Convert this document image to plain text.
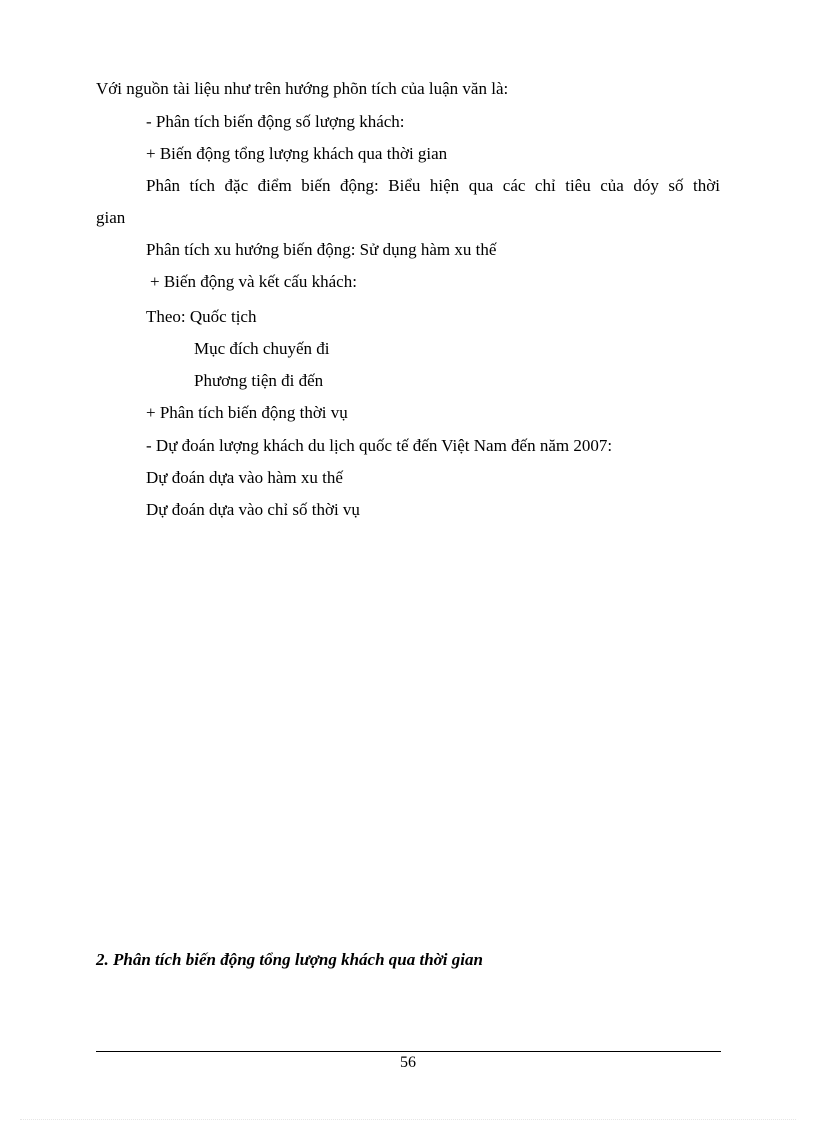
Với nguồn tài liệu như trên hướng phõn tích của luận văn là:
- Phân tích biến động số lượng khách:
+ Biến động tổng lượng khách qua thời gian
Phân tích đặc điểm biến động: Biểu hiện qua các chỉ tiêu của dóy số thời
gian
Phân tích xu hướng biến động: Sử dụng hàm xu thế
+ Biến động và kết cấu khách:
Theo: Quốc tịch
Mục đích chuyến đi
Phương tiện đi đến
+ Phân tích biến động thời vụ
- Dự đoán lượng khách du lịch quốc tế đến Việt Nam đến năm 2007:
Dự đoán dựa vào hàm xu thế
Dự đoán dựa vào chỉ số thời vụ
2. Phân tích biến động tổng lượng khách qua thời gian
56
